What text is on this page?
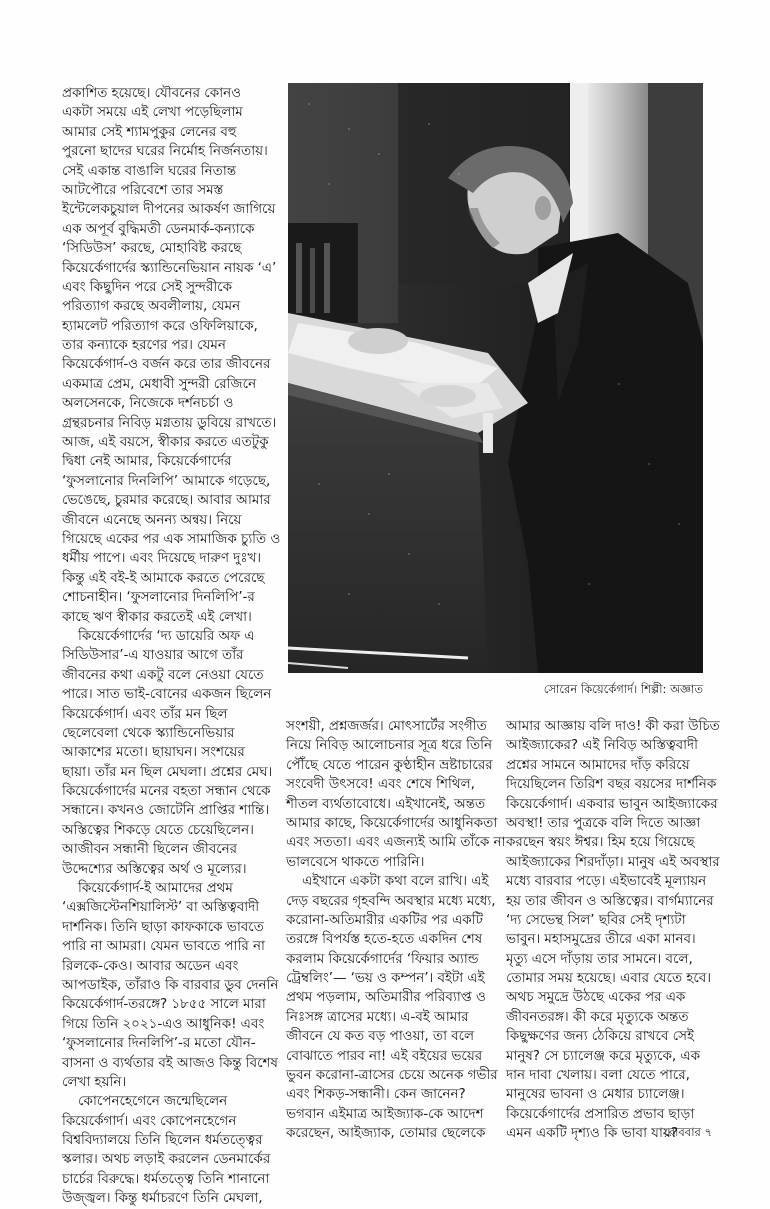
প্রকাশিত হয়েছে। যৌবনের কোনও
একটা সময়ে এই লেখা পড়েছিলাম
আমার সেই শ্যামপুকুর লেনের বহু
পুরনো ছাদের ঘরের নির্মোহ নির্জনতায়।
সেই একান্ত বাঙালি ঘরের নিতান্ত
আটপৌরে পরিবেশে তার সমস্ত
ইন্টেলেকচুয়াল দীপনের আকর্ষণ জাগিয়ে
এক অপূর্ব বুদ্ধিমতী ডেনমার্ক-কন্যাকে
‘সিডিউস’ করছে, মোহাবিষ্ট করছে
কিয়ের্কেগার্দের স্ক্যান্ডিনেভিয়ান নায়ক ‘এ’
এবং কিছুদিন পরে সেই সুন্দরীকে
পরিত্যাগ করছে অবলীলায়, যেমন
হ্যামলেট পরিত্যাগ করে ওফিলিয়াকে,
তার কন্যাকে হরণের পর। যেমন
কিয়ের্কেগার্দ-ও বর্জন করে তার জীবনের
একমাত্র প্রেম, মেধাবী সুন্দরী রেজিনে
অলসেনকে, নিজেকে দর্শনচর্চা ও
গ্রন্থরচনার নিবিড় মগ্নতায় ডুবিয়ে রাখতে।
আজ, এই বয়সে, স্বীকার করতে এতটুকু
দ্বিধা নেই আমার, কিয়ের্কেগার্দের
‘ফুসলানোর দিনলিপি’ আমাকে গড়েছে,
ভেঙেছে, চুরমার করেছে। আবার আমার
জীবনে এনেছে অনন্য অন্বয়। নিয়ে
গিয়েছে একের পর এক সামাজিক চ্যুতি ও
ধর্মীয় পাপে। এবং দিয়েছে দারুণ দুঃখ।
কিন্তু এই বই-ই আমাকে করতে পেরেছে
শোচনাহীন। ‘ফুসলানোর দিনলিপি’-র
কাছে ঋণ স্বীকার করতেই এই লেখা।
কিয়ের্কেগার্দের ‘দ্য ডায়েরি অফ এ
সিডিউসার’-এ যাওয়ার আগে তাঁর
জীবনের কথা একটু বলে নেওয়া যেতে
পারে। সাত ভাই-বোনের একজন ছিলেন
কিয়ের্কেগার্দ। এবং তাঁর মন ছিল
ছেলেবেলা থেকে স্ক্যান্ডিনেভিয়ার
আকাশের মতো। ছায়াঘন। সংশয়ের
ছায়া। তাঁর মন ছিল মেঘলা। প্রশ্নের মেঘ।
কিয়ের্কেগার্দের মনের বহতা সন্ধান থেকে
সন্ধানে। কখনও জোটেনি প্রাপ্তির শান্তি।
অস্তিত্বের শিকড়ে যেতে চেয়েছিলেন।
আজীবন সন্ধানী ছিলেন জীবনের
উদ্দেশ্যের অস্তিত্বের অর্থ ও মূল্যের।
কিয়ের্কেগার্দ-ই আমাদের প্রথম
‘এক্সজিস্টেনশিয়ালিস্ট’ বা অস্তিত্ববাদী
দার্শনিক। তিনি ছাড়া কাফকাকে ভাবতে
পারি না আমরা। যেমন ভাবতে পারি না
রিলকে-কেও। আবার অডেন এবং
আপডাইক, তাঁরাও কি বারবার ডুব দেননি
কিয়ের্কেগার্দ-তরঙ্গে? ১৮৫৫ সালে মারা
গিয়ে তিনি ২০২১-এও আধুনিক! এবং
‘ফুসলানোর দিনলিপি’-র মতো যৌন-
বাসনা ও ব্যর্থতার বই আজও কিন্তু বিশেষ
লেখা হয়নি।
কোপেনহেগেনে জন্মেছিলেন
কিয়ের্কেগার্দ। এবং কোপেনহেগেন
বিশ্ববিদ্যালয়ে তিনি ছিলেন ধর্মতত্ত্বের
স্কলার। অথচ লড়াই করলেন ডেনমার্কের
চার্চের বিরুদ্ধে। ধর্মতত্ত্বে তিনি শানানো
উজ্জ্বল। কিন্তু ধর্মাচরণে তিনি মেঘলা,
সোরেন কিয়ের্কেগার্দ। শিল্পী: অজ্ঞাত
সংশয়ী, প্রশ্নজর্জর। মোৎসার্টের সংগীত
নিয়ে নিবিড় আলোচনার সূত্র ধরে তিনি
পৌঁছে যেতে পারেন কুণ্ঠাহীন ভ্রষ্টাচারের
সংবেদী উৎসবে! এবং শেষে শিথিল,
শীতল ব্যর্থতাবোধে। এইখানেই, অন্তত
আমার কাছে, কিয়ের্কেগার্দের আধুনিকতা
এবং সততা। এবং এজন্যই আমি তাঁকে না
ভালবেসে থাকতে পারিনি।
এইখানে একটা কথা বলে রাখি। এই
দেড় বছরের গৃহবন্দি অবস্থার মধ্যে মধ্যে,
করোনা-অতিমারীর একটির পর একটি
তরঙ্গে বিপর্যস্ত হতে-হতে একদিন শেষ
করলাম কিয়ের্কেগার্দের ‘ফিয়ার অ্যান্ড
ট্রেম্বলিং’— ‘ভয় ও কম্পন’। বইটা এই
প্রথম পড়লাম, অতিমারীর পরিব্যাপ্ত ও
নিঃসঙ্গ ত্রাসের মধ্যে। এ-বই আমার
জীবনে যে কত বড় পাওয়া, তা বলে
বোঝাতে পারব না! এই বইয়ের ভয়ের
ভুবন করোনা-ত্রাসের চেয়ে অনেক গভীর
এবং শিকড়-সন্ধানী। কেন জানেন?
ভগবান এইমাত্র আইজ্যাক-কে আদেশ
করেছেন, আইজ্যাক, তোমার ছেলেকে
আমার আজ্ঞায় বলি দাও! কী করা উচিত
আইজ্যাকের? এই নিবিড় অস্তিত্ববাদী
প্রশ্নের সামনে আমাদের দাঁড় করিয়ে
দিয়েছিলেন তিরিশ বছর বয়সের দার্শনিক
কিয়ের্কেগার্দ। একবার ভাবুন আইজ্যাকের
অবস্থা! তার পুত্রকে বলি দিতে আজ্ঞা
করছেন স্বয়ং ঈশ্বর। হিম হয়ে গিয়েছে
আইজ্যাকের শিরদাঁড়া। মানুষ এই অবস্থার
মধ্যে বারবার পড়ে। এইভাবেই মূল্যায়ন
হয় তার জীবন ও অস্তিত্বের। বার্গম্যানের
‘দ্য সেভেন্থ সিল’ ছবির সেই দৃশ্যটা
ভাবুন। মহাসমুদ্রের তীরে একা মানব।
মৃত্যু এসে দাঁড়ায় তার সামনে। বলে,
তোমার সময় হয়েছে। এবার যেতে হবে।
অথচ সমুদ্রে উঠছে একের পর এক
জীবনতরঙ্গ। কী করে মৃত্যুকে অন্তত
কিছুক্ষণের জন্য ঠেকিয়ে রাখবে সেই
মানুষ? সে চ্যালেঞ্জ করে মৃত্যুকে, এক
দান দাবা খেলায়। বলা যেতে পারে,
মানুষের ভাবনা ও মেধার চ্যালেঞ্জ।
কিয়ের্কেগার্দের প্রসারিত প্রভাব ছাড়া
এমন একটি দৃশ্যও কি ভাবা যায়?
রোববার ৭
